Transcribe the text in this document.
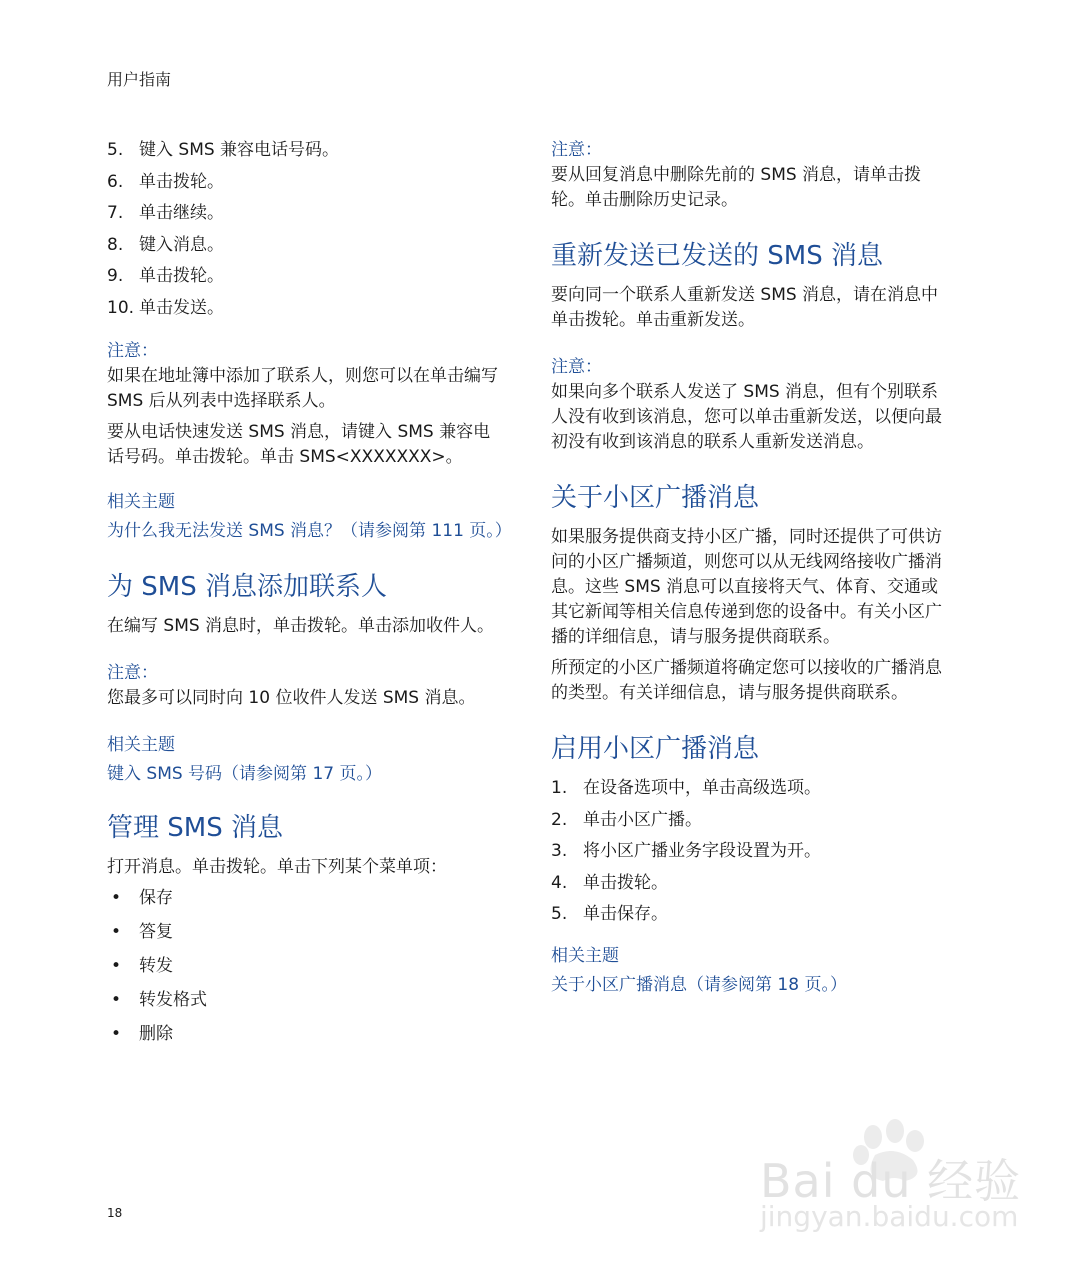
用户指南
5. 键入 SMS 兼容电话号码。
6. 单击拨轮。
7. 单击继续。
8. 键入消息。
9. 单击拨轮。
10. 单击发送。
注意：

如果在地址簿中添加了联系人，则您可以在单击编写 SMS 后从列表中选择联系人。

要从电话快速发送 SMS 消息，请键入 SMS 兼容电话号码。单击拨轮。单击 SMS<XXXXXXX>。

相关主题
为什么我无法发送 SMS 消息？（请参阅第 111 页。）
为 SMS 消息添加联系人

在编写 SMS 消息时，单击拨轮。单击添加收件人。

注意：

您最多可以同时向 10 位收件人发送 SMS 消息。

相关主题
键入 SMS 号码（请参阅第 17 页。）
管理 SMS 消息

打开消息。单击拨轮。单击下列某个菜单项：

•	保存
•	答复
•	转发
•	转发格式
•	删除
注意：

要从回复消息中删除先前的 SMS 消息，请单击拨轮。单击删除历史记录。

重新发送已发送的 SMS 消息

要向同一个联系人重新发送 SMS 消息，请在消息中单击拨轮。单击重新发送。

注意：

如果向多个联系人发送了 SMS 消息，但有个别联系人没有收到该消息，您可以单击重新发送，以便向最初没有收到该消息的联系人重新发送消息。

关于小区广播消息

如果服务提供商支持小区广播，同时还提供了可供访问的小区广播频道，则您可以从无线网络接收广播消息。这些 SMS 消息可以直接将天气、体育、交通或其它新闻等相关信息传递到您的设备中。有关小区广播的详细信息，请与服务提供商联系。

所预定的小区广播频道将确定您可以接收的广播消息的类型。有关详细信息，请与服务提供商联系。

启用小区广播消息
1. 在设备选项中，单击高级选项。
2. 单击小区广播。
3. 将小区广播业务字段设置为开。
4. 单击拨轮。
5. 单击保存。
相关主题
关于小区广播消息（请参阅第 18 页。）
18
Bai du 经验
jingyan.baidu.com
